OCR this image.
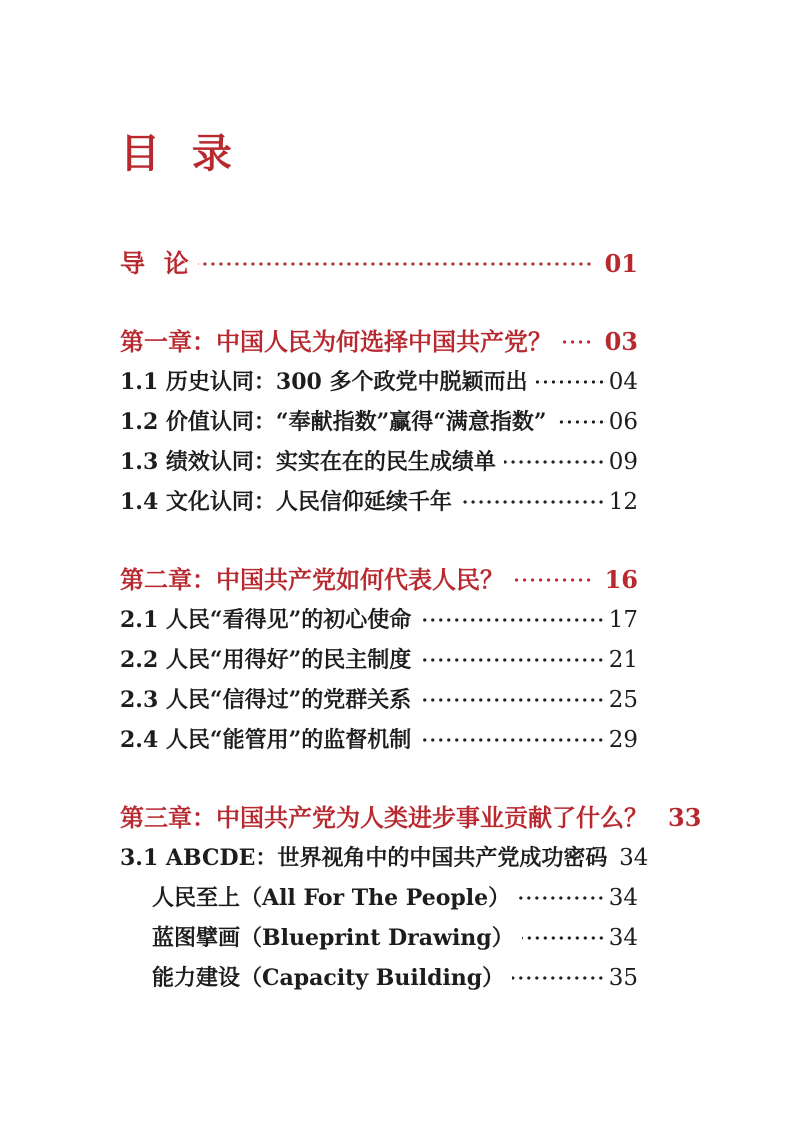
目 录
导 论	01
第一章：中国人民为何选择中国共产党？ 03
1.1 历史认同：300 多个政党中脱颖而出	04
1.2 价值认同：“奉献指数”赢得“满意指数”	06
1.3 绩效认同：实实在在的民生成绩单	09
1.4 文化认同：人民信仰延续千年	12
第二章：中国共产党如何代表人民？	16
2.1 人民“看得见”的初心使命	17
2.2 人民“用得好”的民主制度	21
2.3 人民“信得过”的党群关系	25
2.4 人民“能管用”的监督机制	29
第三章：中国共产党为人类进步事业贡献了什么？ 33
3.1 ABCDE：世界视角中的中国共产党成功密码 34
人民至上（All For The People）	34
蓝图擘画（Blueprint Drawing）	34
能力建设（Capacity Building）	35
